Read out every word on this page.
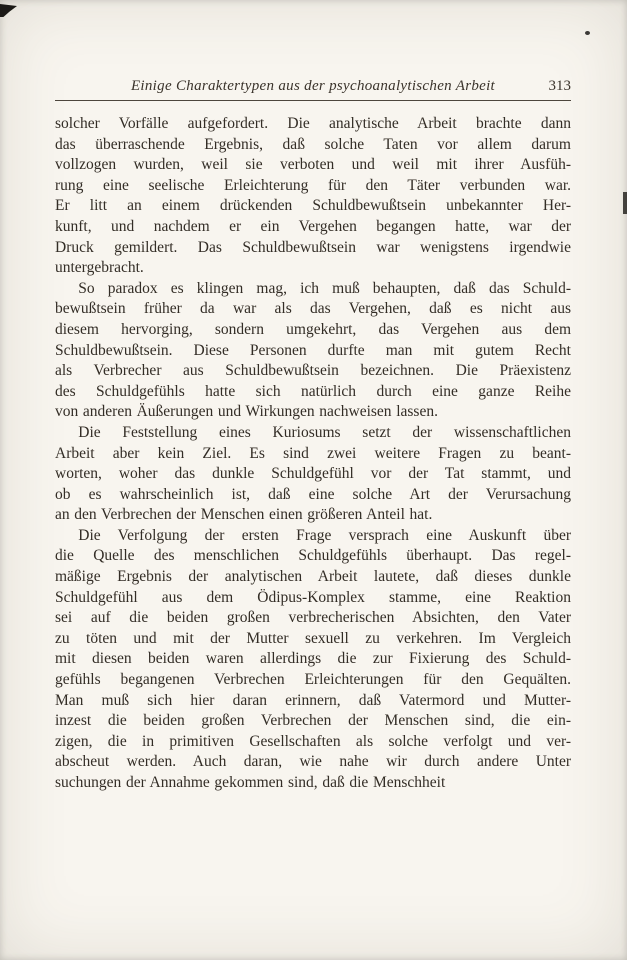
Einige Charaktertypen aus der psychoanalytischen Arbeit	313

solcher Vorfälle aufgefordert. Die analytische Arbeit brachte dann
das überraschende Ergebnis, daß solche Taten vor allem darum
vollzogen wurden, weil sie verboten und weil mit ihrer Ausfüh-
rung eine seelische Erleichterung für den Täter verbunden war.
Er litt an einem drückenden Schuldbewußtsein unbekannter Her-
kunft, und nachdem er ein Vergehen begangen hatte, war der
Druck gemildert. Das Schuldbewußtsein war wenigstens irgendwie
untergebracht.

So paradox es klingen mag, ich muß behaupten, daß das Schuld-
bewußtsein früher da war als das Vergehen, daß es nicht aus
diesem hervorging, sondern umgekehrt, das Vergehen aus dem
Schuldbewußtsein. Diese Personen durfte man mit gutem Recht
als Verbrecher aus Schuldbewußtsein bezeichnen. Die Präexistenz
des Schuldgefühls hatte sich natürlich durch eine ganze Reihe
von anderen Äußerungen und Wirkungen nachweisen lassen.

Die Feststellung eines Kuriosums setzt der wissenschaftlichen
Arbeit aber kein Ziel. Es sind zwei weitere Fragen zu beant-
worten, woher das dunkle Schuldgefühl vor der Tat stammt, und
ob es wahrscheinlich ist, daß eine solche Art der Verursachung
an den Verbrechen der Menschen einen größeren Anteil hat.

Die Verfolgung der ersten Frage versprach eine Auskunft über
die Quelle des menschlichen Schuldgefühls überhaupt. Das regel-
mäßige Ergebnis der analytischen Arbeit lautete, daß dieses dunkle
Schuldgefühl aus dem Ödipus-Komplex stamme, eine Reaktion
sei auf die beiden großen verbrecherischen Absichten, den Vater
zu töten und mit der Mutter sexuell zu verkehren. Im Vergleich
mit diesen beiden waren allerdings die zur Fixierung des Schuld-
gefühls begangenen Verbrechen Erleichterungen für den Gequälten.
Man muß sich hier daran erinnern, daß Vatermord und Mutter-
inzest die beiden großen Verbrechen der Menschen sind, die ein-
zigen, die in primitiven Gesellschaften als solche verfolgt und ver-
abscheut werden. Auch daran, wie nahe wir durch andere Unter
suchungen der Annahme gekommen sind, daß die Menschheit
